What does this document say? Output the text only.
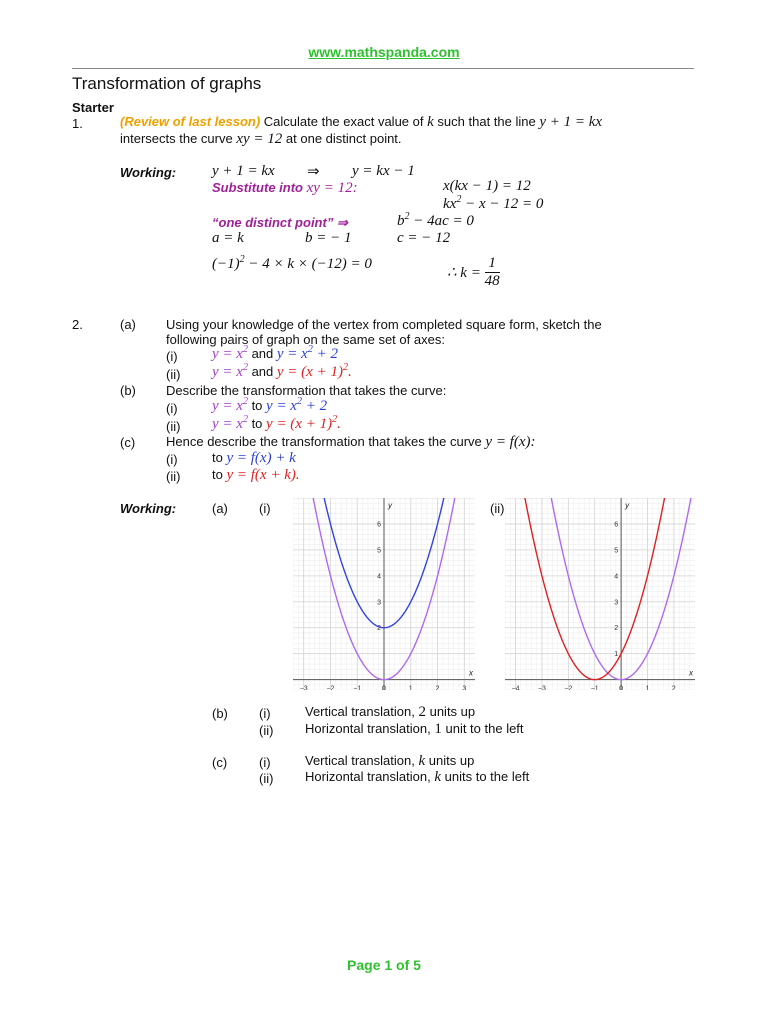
www.mathspanda.com
Transformation of graphs
Starter
1.	(Review of last lesson) Calculate the exact value of k such that the line y + 1 = kx
intersects the curve xy = 12 at one distinct point.
Working: y + 1 = kx ⇒ y = kx − 1
Substitute into xy = 12:	x(kx − 1) = 12
$kx^2 - x - 12 = 0$
“one distinct point” ⇒	$b^2 - 4ac = 0$
a = k	b = − 1	c = − 12
$(-1)^2 - 4 \times k \times (-12) = 0$
∴ $k = \frac{1}{48}$
2.	(a) Using your knowledge of the vertex from completed square form, sketch the
following pairs of graph on the same set of axes:
(i) $y = x^2$ and $y = x^2 + 2$
(ii) $y = x^2$ and $y = (x + 1)^2$.
(b) Describe the transformation that takes the curve:
(i) $y = x^2$ to $y = x^2 + 2$
(ii) $y = x^2$ to $y = (x + 1)^2$.
(c) Hence describe the transformation that takes the curve y = f(x):
(i)	to y = f(x) + k
(ii) to y = f(x + k).
Working:	(a) (i)	(ii)
x
y
−3	−2	−1	0	1	2	3
2
3
4
5
6
x
y
−4	−3	−2	−1	0	1	2
1
2
3
4
5
6
(b) (i)	Vertical translation, 2 units up
(ii) Horizontal translation, 1 unit to the left
(c) (i)	Vertical translation, k units up
(ii) Horizontal translation, k units to the left
Page 1 of 5
